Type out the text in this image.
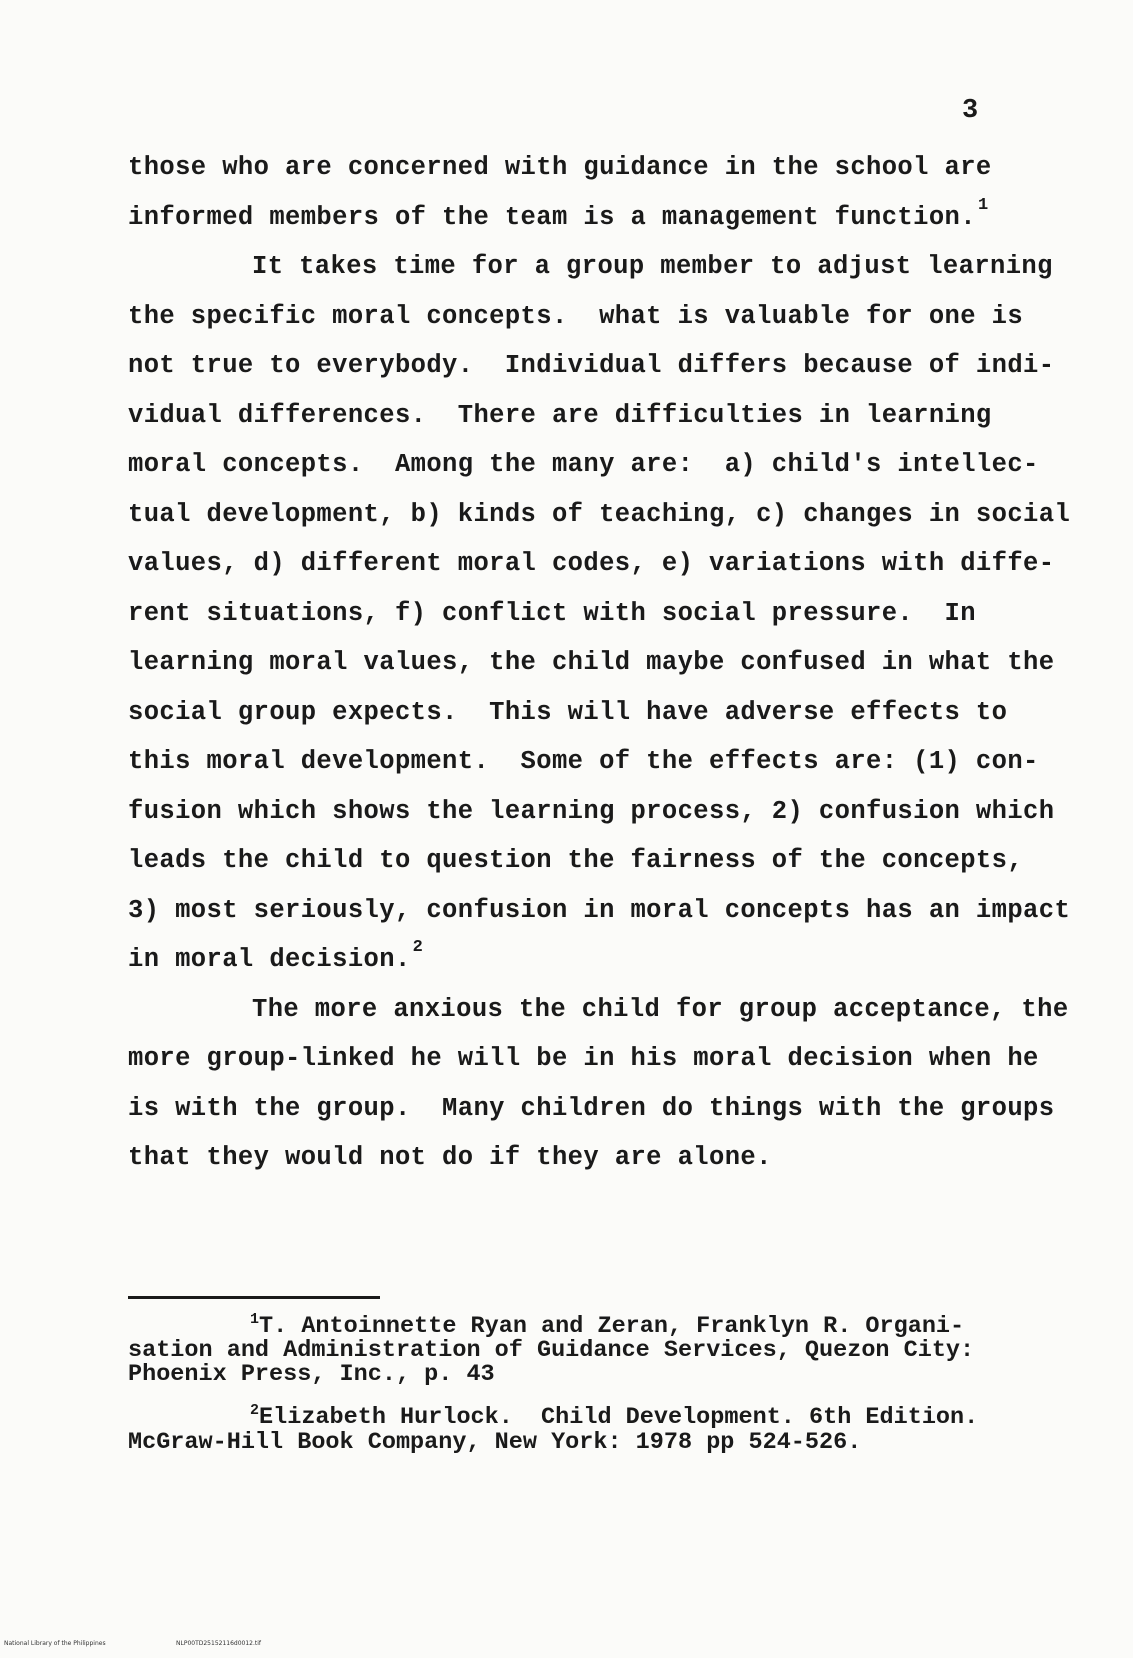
3
those who are concerned with guidance in the school are
informed members of the team is a management function. $^1$
It takes time for a group member to adjust learning
the specific moral concepts.  what is valuable for one is
not true to everybody.  Individual differs because of indi-
vidual differences.  There are difficulties in learning
moral concepts.  Among the many are:  a) child's intellec-
tual development, b) kinds of teaching, c) changes in social
values, d) different moral codes, e) variations with diffe-
rent situations, f) conflict with social pressure.  In
learning moral values, the child maybe confused in what the
social group expects.  This will have adverse effects to
this moral development.  Some of the effects are: (1) con-
fusion which shows the learning process, 2) confusion which
leads the child to question the fairness of the concepts,
3) most seriously, confusion in moral concepts has an impact
in moral decision. $^2$
The more anxious the child for group acceptance, the
more group-linked he will be in his moral decision when he
is with the group.  Many children do things with the groups
that they would not do if they are alone.
$^1$T. Antoinnette Ryan and Zeran, Franklyn R. Organi-
sation and Administration of Guidance Services, Quezon City:
Phoenix Press, Inc., p. 43
$^2$Elizabeth Hurlock.  Child Development. 6th Edition.
McGraw-Hill Book Company, New York: 1978 pp 524-526.
National Library of the Philippines	NLP00TD25152116d0012.tif
